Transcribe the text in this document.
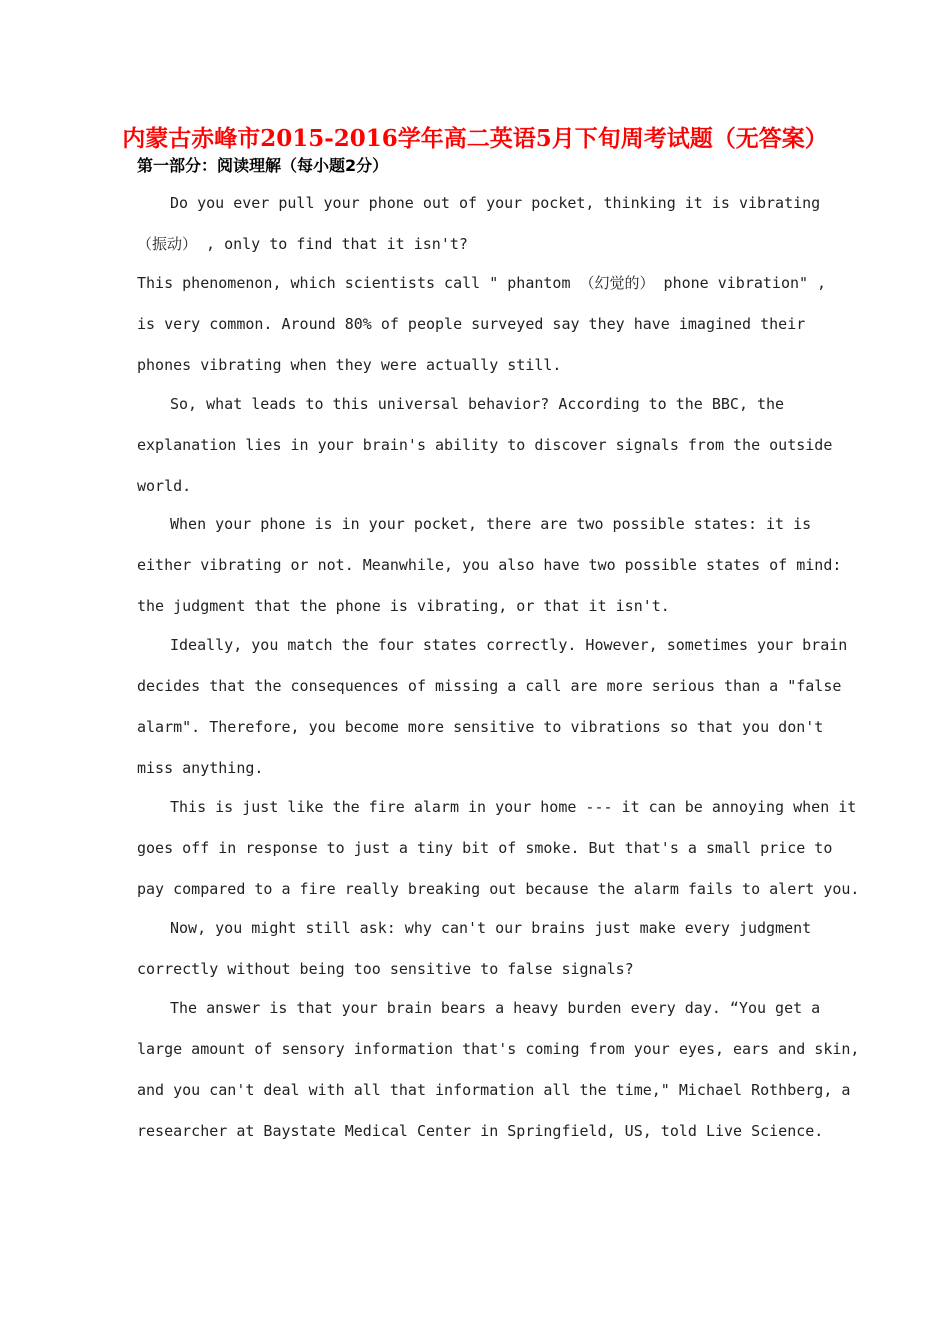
内蒙古赤峰市2015-2016学年高二英语5月下旬周考试题（无答案）
第一部分：阅读理解（每小题2分）
Do you ever pull your phone out of your pocket, thinking it is vibrating
（振动） , only to find that it isn't?
This phenomenon, which scientists call " phantom （幻觉的） phone vibration" ,
is very common. Around 80% of people surveyed say they have imagined their
phones vibrating when they were actually still.
So, what leads to this universal behavior? According to the BBC, the
explanation lies in your brain's ability to discover signals from the outside
world.
When your phone is in your pocket, there are two possible states: it is
either vibrating or not. Meanwhile, you also have two possible states of mind:
the judgment that the phone is vibrating, or that it isn't.
Ideally, you match the four states correctly. However, sometimes your brain
decides that the consequences of missing a call are more serious than a "false
alarm". Therefore, you become more sensitive to vibrations so that you don't
miss anything.
This is just like the fire alarm in your home --- it can be annoying when it
goes off in response to just a tiny bit of smoke. But that's a small price to
pay compared to a fire really breaking out because the alarm fails to alert you.
Now, you might still ask: why can't our brains just make every judgment
correctly without being too sensitive to false signals?
The answer is that your brain bears a heavy burden every day. “You get a
large amount of sensory information that's coming from your eyes, ears and skin,
and you can't deal with all that information all the time," Michael Rothberg, a
researcher at Baystate Medical Center in Springfield, US, told Live Science.
